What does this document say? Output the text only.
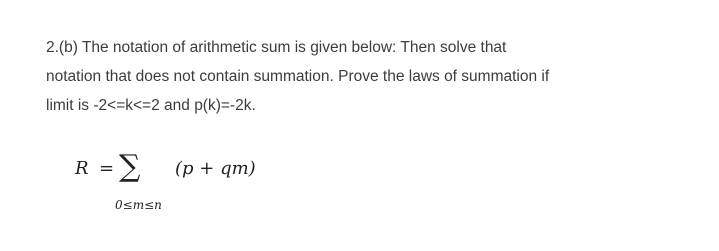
2.(b) The notation of arithmetic sum is given below: Then solve that
notation that does not contain summation. Prove the laws of summation if
limit is -2<=k<=2 and p(k)=-2k.
R = ∑ (p + qm)
0≤m≤n
